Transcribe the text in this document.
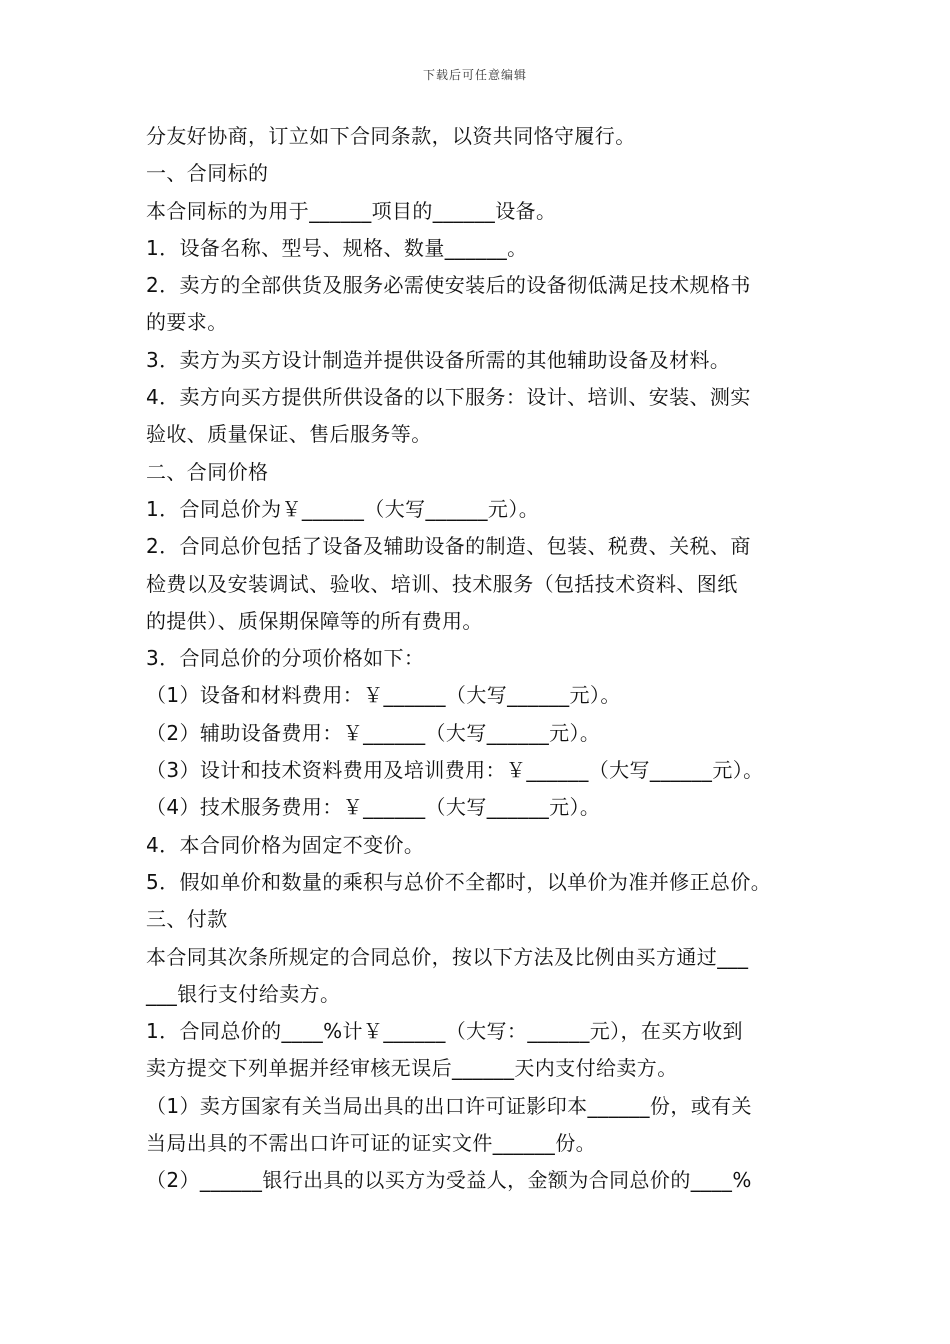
下载后可任意编辑
分友好协商，订立如下合同条款，以资共同恪守履行。
一、合同标的
本合同标的为用于______项目的______设备。
1．设备名称、型号、规格、数量______。
2．卖方的全部供货及服务必需使安装后的设备彻低满足技术规格书
的要求。
3．卖方为买方设计制造并提供设备所需的其他辅助设备及材料。
4．卖方向买方提供所供设备的以下服务：设计、培训、安装、测实
验收、质量保证、售后服务等。
二、合同价格
1．合同总价为￥______（大写______元）。
2．合同总价包括了设备及辅助设备的制造、包装、税费、关税、商
检费以及安装调试、验收、培训、技术服务（包括技术资料、图纸
的提供）、质保期保障等的所有费用。
3．合同总价的分项价格如下：
（1）设备和材料费用：￥______（大写______元）。
（2）辅助设备费用：￥______（大写______元）。
（3）设计和技术资料费用及培训费用：￥______（大写______元）。
（4）技术服务费用：￥______（大写______元）。
4．本合同价格为固定不变价。
5．假如单价和数量的乘积与总价不全都时，以单价为准并修正总价。
三、付款
本合同其次条所规定的合同总价，按以下方法及比例由买方通过___
___银行支付给卖方。
1．合同总价的____%计￥______（大写：______元），在买方收到
卖方提交下列单据并经审核无误后______天内支付给卖方。
（1）卖方国家有关当局出具的出口许可证影印本______份，或有关
当局出具的不需出口许可证的证实文件______份。
（2）______银行出具的以买方为受益人，金额为合同总价的____%
